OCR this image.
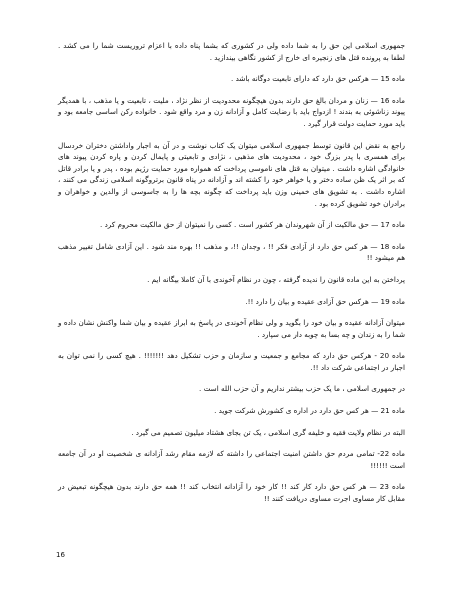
جمهوری اسلامی این حق را به شما داده ولی در کشوری که بشما پناه داده با اعزام تروریست شما را می کشد . لطفا به پرونده قتل های زنجیره ای خارج از کشور نگاهی بیندازید .

ماده 15 — هرکس حق دارد که دارای تابعیت دوگانه باشد .

ماده 16 — زنان و مردان بالغ حق دارند بدون هیچگونه محدودیت از نظر نژاد ، ملیت ، تابعیت و یا مذهب ، با همدیگر پیوند زناشوئی به بندند ! ازدواج باید با رضایت کامل و آزادانه زن و مرد واقع شود . خانواده رکن اساسی جامعه بود و باید مورد حمایت دولت قرار گیرد .

راجع به نقض این قانون توسط جمهوری اسلامی میتوان یک کتاب نوشت و در آن به اجبار واداشتن دختران خردسال برای همسری با پدر بزرگ خود ، محدودیت های مذهبی ، نژادی و تابعیتی و پایمال کردن و پاره کردن پیوند های خانوادگی اشاره داشت . میتوان به قتل های ناموسی پرداخت که همواره مورد حمایت رژیم بوده ، پدر و یا برادر قاتل که بر اثر یک ظن ساده دختر و یا خواهر خود را کشته اند و آزادانه در پناه قانون برتروگونه اسلامی زندگی می کنند ، اشاره داشت . به تشویق های خمینی وزن باید پرداخت که چگونه بچه ها را به جاسوسی از والدین و خواهران و برادران خود تشویق کرده بود .

ماده 17 — حق مالکیت از آن شهروندان هر کشور است . کسی را نمیتوان از حق مالکیت محروم کرد .

ماده 18 — هر کس حق دارد از آزادی فکر !! ، وجدان !!، و مذهب !! بهره مند شود . این آزادی شامل تغییر مذهب هم میشود !!

پرداختن به این ماده قانون را ندیده گرفته ، چون در نظام آخوندی با آن کاملا بیگانه ایم .

ماده 19 — هرکس حق آزادی عقیده و بیان را دارد !!.

میتوان آزادانه عقیده و بیان خود را بگوید و ولی نظام آخوندی در پاسخ به ابراز عقیده و بیان شما واکنش نشان داده و شما را به زندان و چه بسا به چوبه دار می سپارد .

ماده 20 - هرکس حق دارد که مجامع و جمعیت و سازمان و حزب تشکیل دهد !!!!!!! . هیچ کسی را نمی توان به اجبار در اجتماعی شرکت داد !!.

در جمهوری اسلامی ، ما یک حزب بیشتر نداریم و آن حزب الله است .

ماده 21 — هر کس حق دارد در اداره ی کشورش شرکت جوید .

البته در نظام ولایت فقیه و خلیفه گری اسلامی ، یک تن بجای هشتاد میلیون تصمیم می گیرد .

ماده 22- تمامی مردم حق داشتن امنیت اجتماعی را داشته که لازمه مقام رشد آزادانه ی شخصیت او در آن جامعه است !!!!!!

ماده 23 — هر کس حق دارد کار کند !! کار خود را آزادانه انتخاب کند !! همه حق دارند بدون هیچگونه تبعیض در مقابل کار مساوی اجرت مساوی دریافت کنند !!

16
